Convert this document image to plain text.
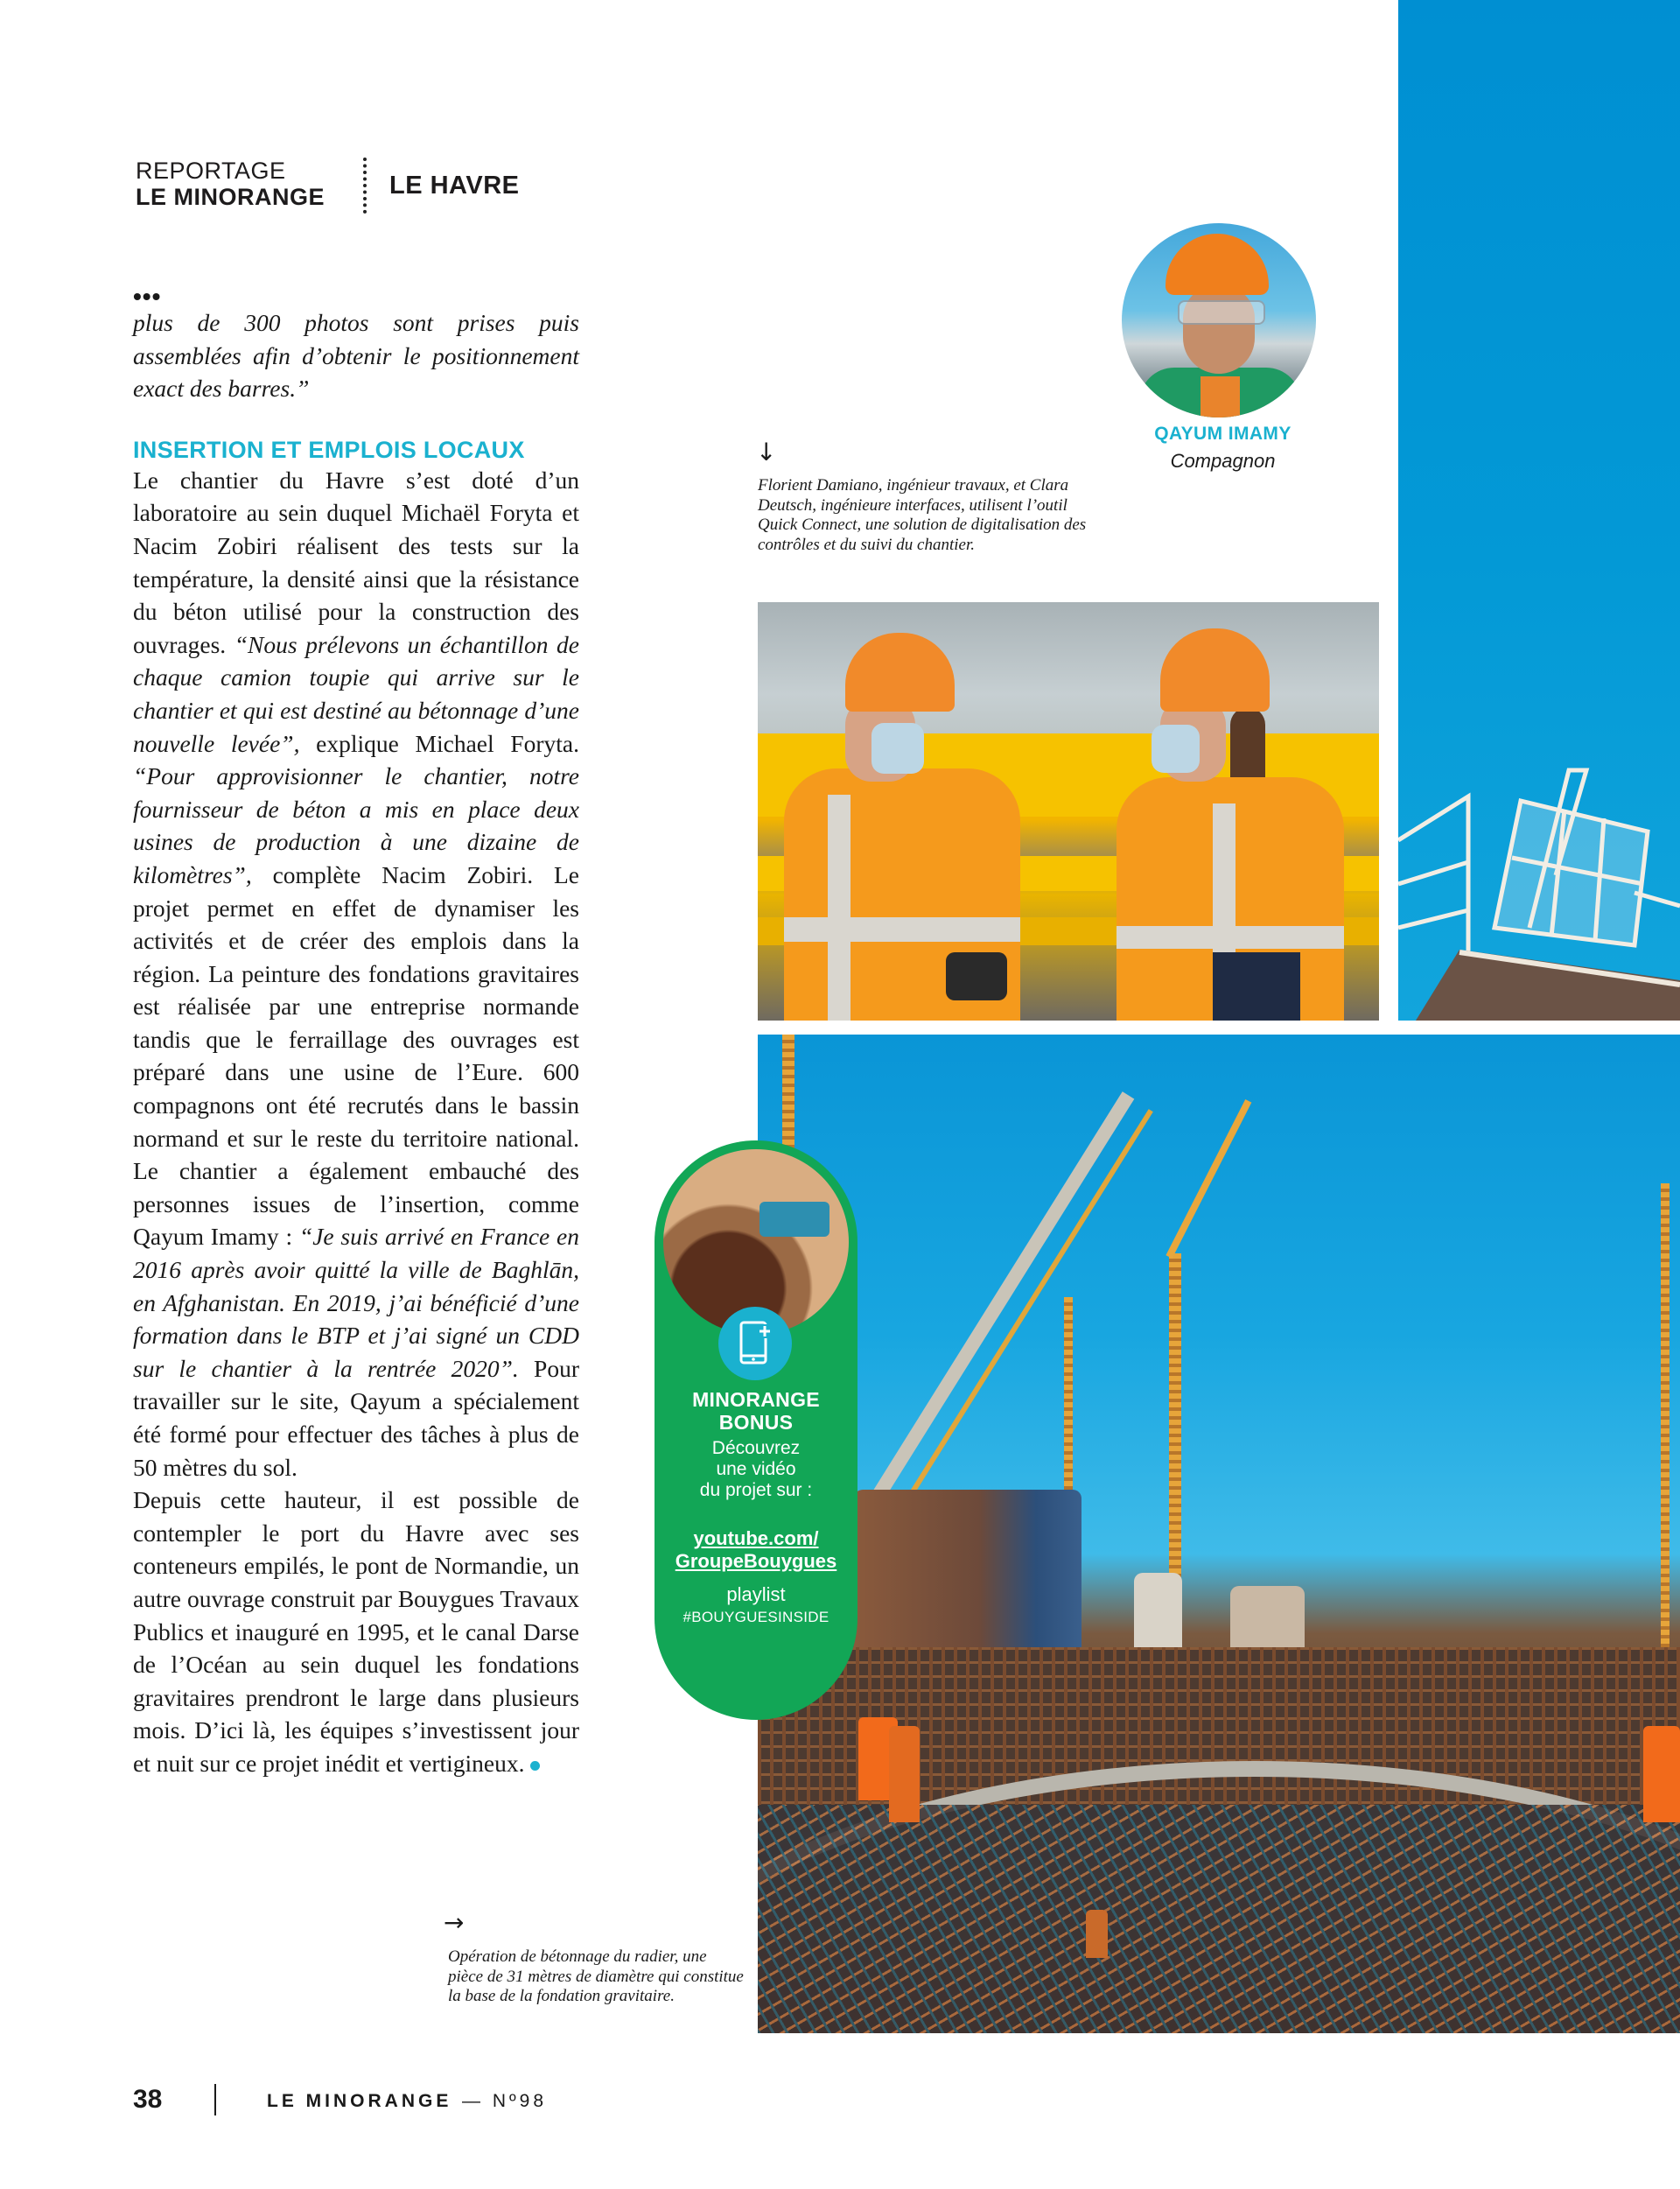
REPORTAGE
LE MINORANGE	LE HAVRE
•••

plus de 300 photos sont prises puis assemblées afin d’obtenir le positionnement exact des barres.”

INSERTION ET EMPLOIS LOCAUX

Le chantier du Havre s’est doté d’un laboratoire au sein duquel Michaël Foryta et Nacim Zobiri réalisent des tests sur la température, la densité ainsi que la résistance du béton utilisé pour la construction des ouvrages. “Nous prélevons un échantillon de chaque camion toupie qui arrive sur le chantier et qui est destiné au bétonnage d’une nouvelle levée”, explique Michael Foryta. “Pour approvisionner le chantier, notre fournisseur de béton a mis en place deux usines de production à une dizaine de kilomètres”, complète Nacim Zobiri. Le projet permet en effet de dynamiser les activités et de créer des emplois dans la région. La peinture des fondations gravitaires est réalisée par une entreprise normande tandis que le ferraillage des ouvrages est préparé dans une usine de l’Eure. 600 compagnons ont été recrutés dans le bassin normand et sur le reste du territoire national. Le chantier a également embauché des personnes issues de l’insertion, comme Qayum Imamy : “Je suis arrivé en France en 2016 après avoir quitté la ville de Baghlān, en Afghanistan. En 2019, j’ai bénéficié d’une formation dans le BTP et j’ai signé un CDD sur le chantier à la rentrée 2020”. Pour travailler sur le site, Qayum a spécialement été formé pour effectuer des tâches à plus de 50 mètres du sol.

Depuis cette hauteur, il est possible de contempler le port du Havre avec ses conteneurs empilés, le pont de Normandie, un autre ouvrage construit par Bouygues Travaux Publics et inauguré en 1995, et le canal Darse de l’Océan au sein duquel les fondations gravitaires prendront le large dans plusieurs mois. D’ici là, les équipes s’investissent jour et nuit sur ce projet inédit et vertigineux.

QAYUM IMAMY
Compagnon
↓
Florient Damiano, ingénieur travaux, et Clara Deutsch, ingénieure interfaces, utilisent l’outil Quick Connect, une solution de digitalisation des contrôles et du suivi du chantier.
MINORANGE
BONUS
Découvrez
une vidéo
du projet sur :
youtube.com/
GroupeBouygues
playlist
#BOUYGUESINSIDE
→
Opération de bétonnage du radier, une pièce de 31 mètres de diamètre qui constitue la base de la fondation gravitaire.
38	LE MINORANGE — Nº98
